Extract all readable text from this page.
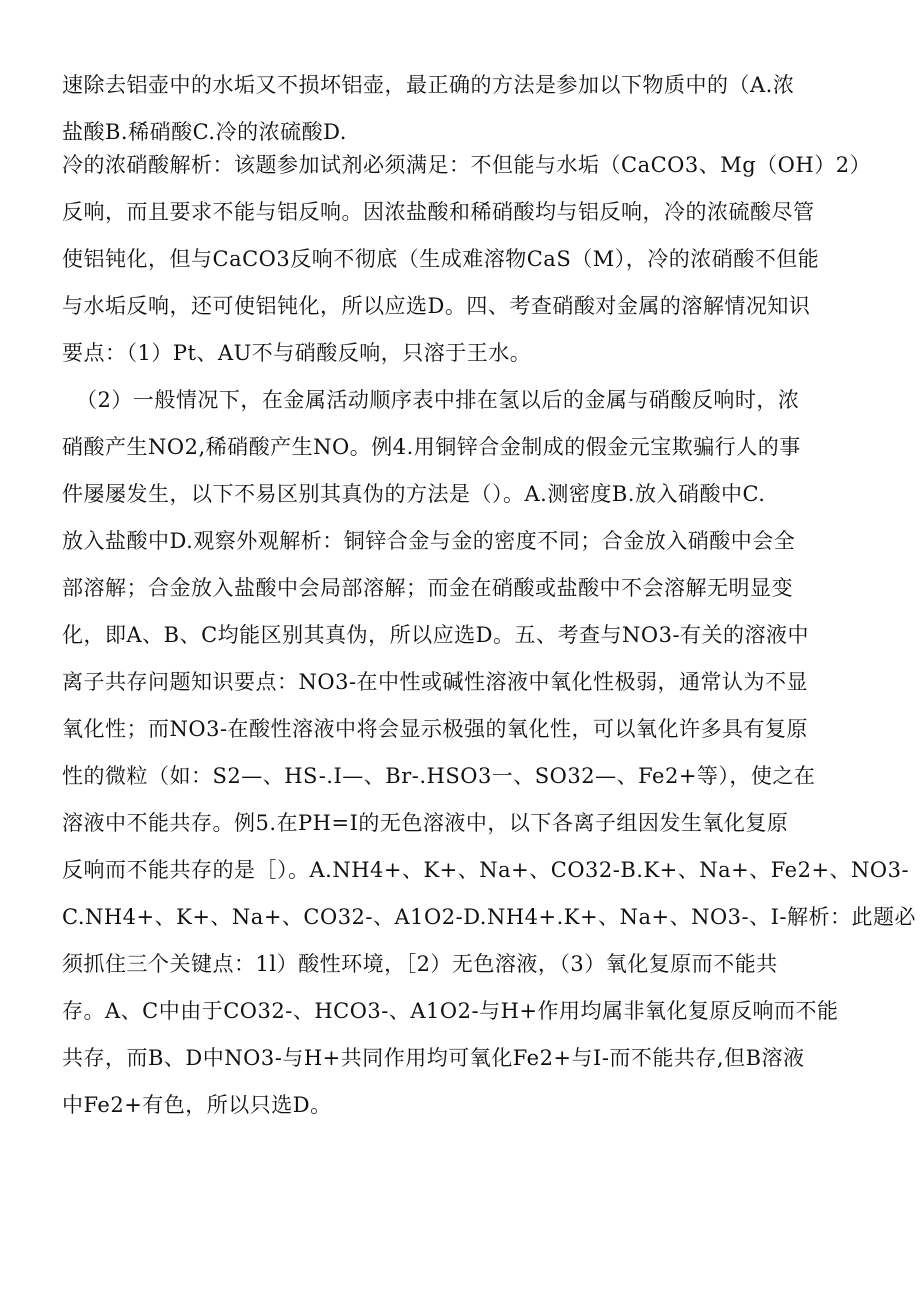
速除去铝壶中的水垢又不损坏铝壶，最正确的方法是参加以下物质中的（A.浓
盐酸B.稀硝酸C.冷的浓硫酸D.
冷的浓硝酸解析：该题参加试剂必须满足：不但能与水垢（CaCO3、Mg（OH）2）
反响，而且要求不能与铝反响。因浓盐酸和稀硝酸均与铝反响，冷的浓硫酸尽管
使铝钝化，但与CaCO3反响不彻底（生成难溶物CaS（M），冷的浓硝酸不但能
与水垢反响，还可使铝钝化，所以应选D。四、考查硝酸对金属的溶解情况知识
要点：（1）Pt、AU不与硝酸反响，只溶于王水。
（2）一般情况下，在金属活动顺序表中排在氢以后的金属与硝酸反响时，浓
硝酸产生NO2,稀硝酸产生NO。例4.用铜锌合金制成的假金元宝欺骗行人的事
件屡屡发生，以下不易区别其真伪的方法是（）。A.测密度B.放入硝酸中C.
放入盐酸中D.观察外观解析：铜锌合金与金的密度不同；合金放入硝酸中会全
部溶解；合金放入盐酸中会局部溶解；而金在硝酸或盐酸中不会溶解无明显变
化，即A、B、C均能区别其真伪，所以应选D。五、考查与NO3-有关的溶液中
离子共存问题知识要点：NO3-在中性或碱性溶液中氧化性极弱，通常认为不显
氧化性；而NO3-在酸性溶液中将会显示极强的氧化性，可以氧化许多具有复原
性的微粒（如：S2—、HS-.I—、Br-.HSO3一、SO32—、Fe2+等），使之在
溶液中不能共存。例5.在PH=I的无色溶液中，以下各离子组因发生氧化复原
反响而不能共存的是［）。A.NH4+、K+、Na+、CO32-B.K+、Na+、Fe2+、NO3-
C.NH4+、K+、Na+、CO32-、A1O2-D.NH4+.K+、Na+、NO3-、I-解析：此题必
须抓住三个关键点：1l）酸性环境，［2）无色溶液，（3）氧化复原而不能共
存。A、C中由于CO32-、HCO3-、A1O2-与H+作用均属非氧化复原反响而不能
共存，而B、D中NO3-与H+共同作用均可氧化Fe2+与I-而不能共存,但B溶液
中Fe2+有色，所以只选D。
